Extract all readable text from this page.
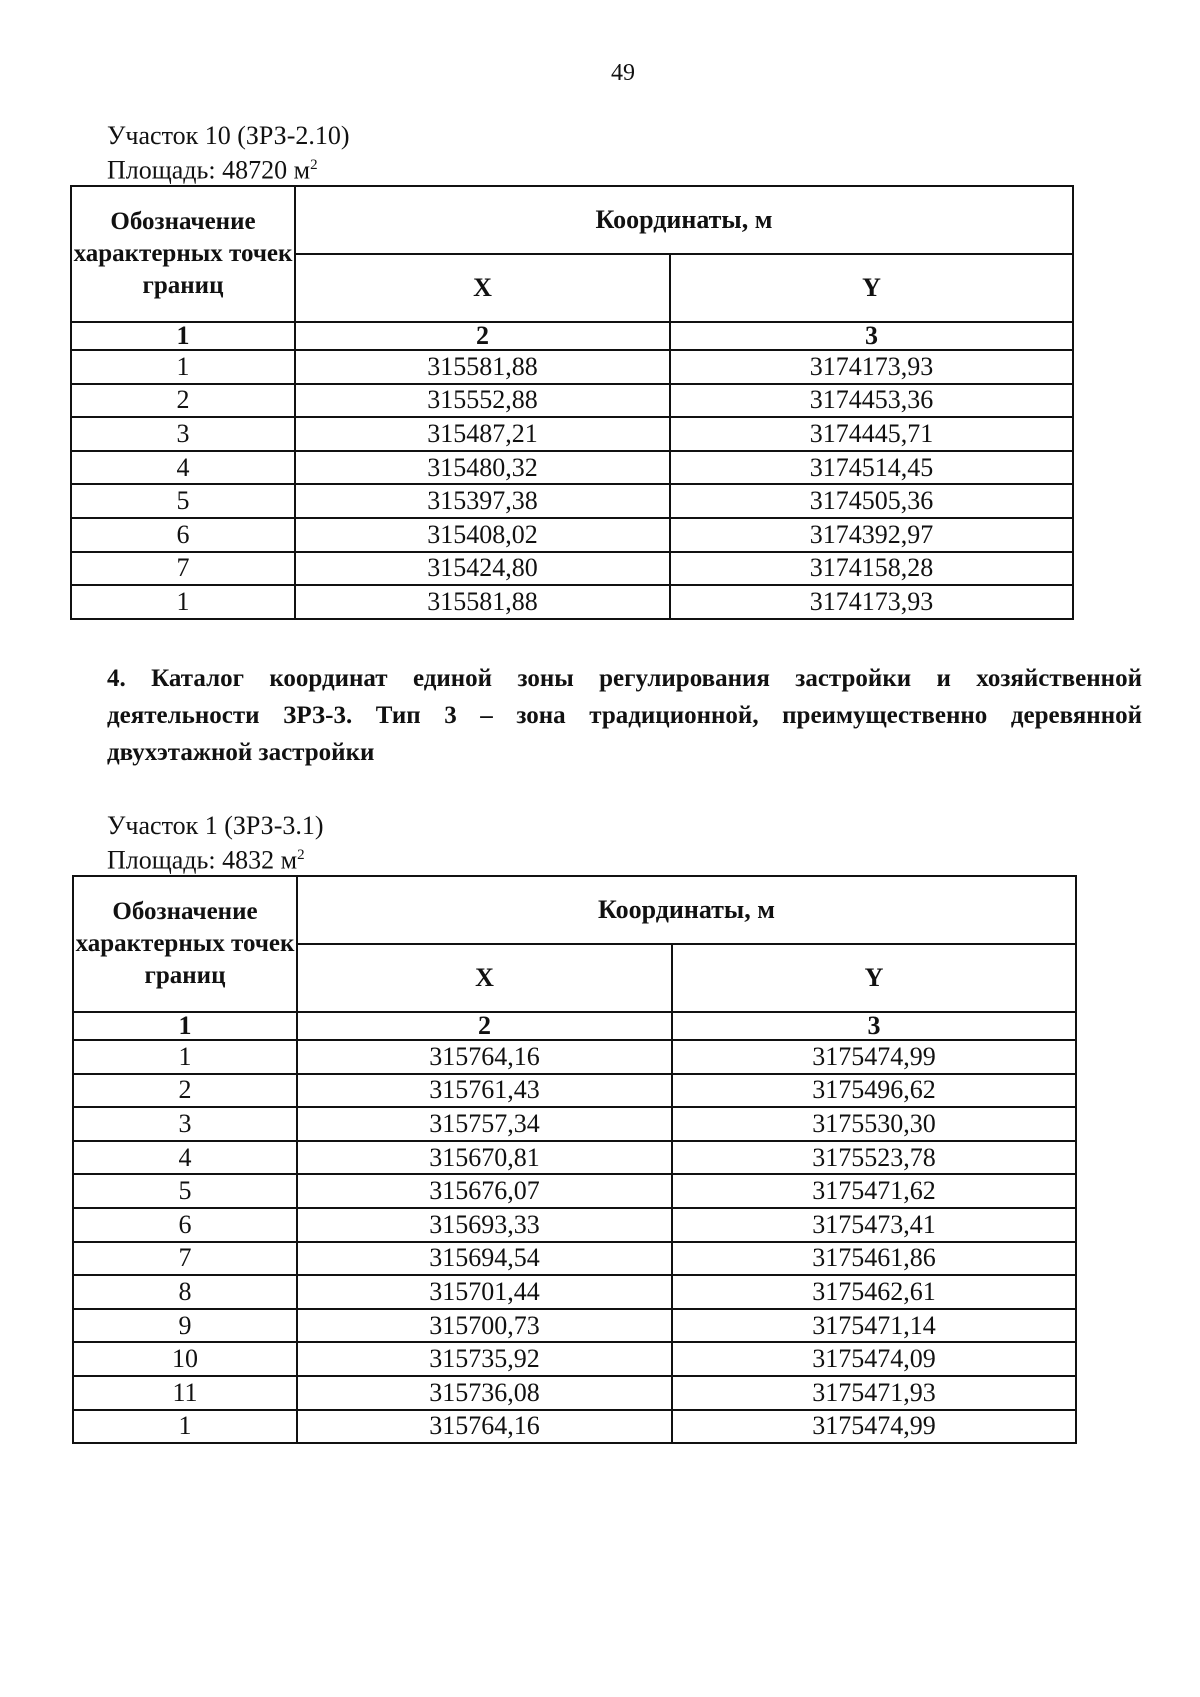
49
Участок 10 (ЗРЗ-2.10)
Площадь: 48720 $м^2$
Обозначение характерных точек границ	Координаты, м	
	X	Y
1	2	3
1	315581,88	3174173,93
2	315552,88	3174453,36
3	315487,21	3174445,71
4	315480,32	3174514,45
5	315397,38	3174505,36
6	315408,02	3174392,97
7	315424,80	3174158,28
1	315581,88	3174173,93
4. Каталог координат единой зоны регулирования застройки и хозяйственной деятельности ЗРЗ-3. Тип 3 – зона традиционной, преимущественно деревянной двухэтажной застройки
Участок 1 (ЗРЗ-3.1)
Площадь: 4832 $м^2$
Обозначение характерных точек границ	Координаты, м	
	X	Y
1	2	3
1	315764,16	3175474,99
2	315761,43	3175496,62
3	315757,34	3175530,30
4	315670,81	3175523,78
5	315676,07	3175471,62
6	315693,33	3175473,41
7	315694,54	3175461,86
8	315701,44	3175462,61
9	315700,73	3175471,14
10	315735,92	3175474,09
11	315736,08	3175471,93
1	315764,16	3175474,99
